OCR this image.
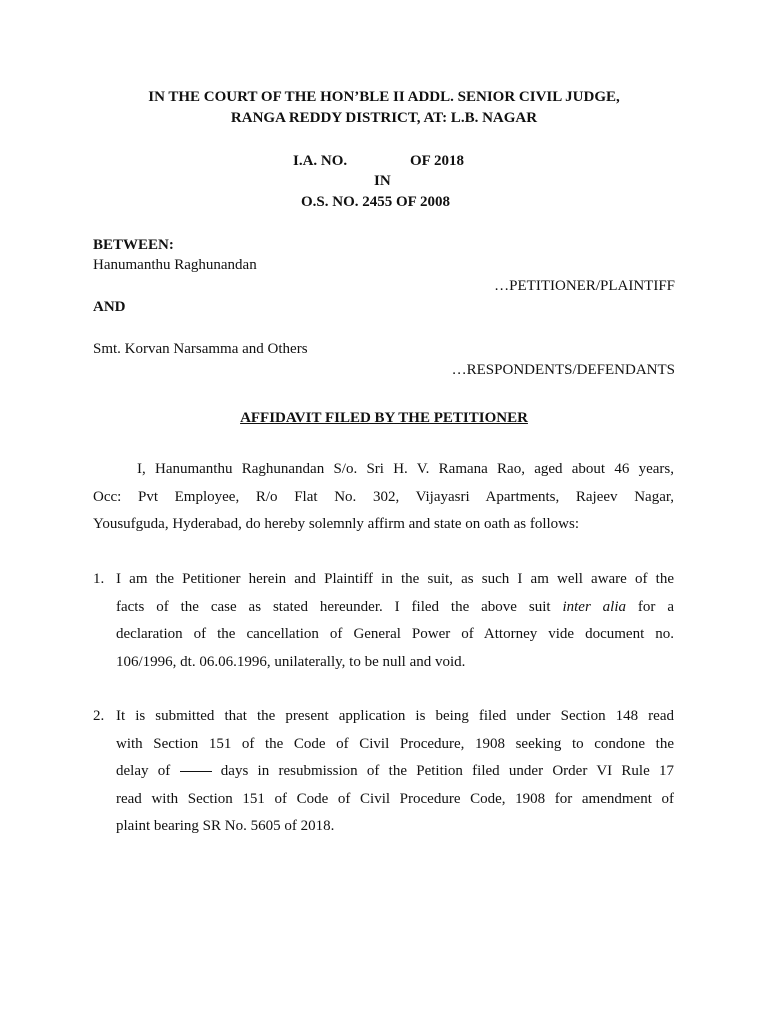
IN THE COURT OF THE HON’BLE II ADDL. SENIOR CIVIL JUDGE,
RANGA REDDY DISTRICT, AT: L.B. NAGAR
I.A. NO.	OF 2018
IN
O.S. NO. 2455 OF 2008
BETWEEN:
Hanumanthu Raghunandan
…PETITIONER/PLAINTIFF
AND
Smt. Korvan Narsamma and Others
…RESPONDENTS/DEFENDANTS
AFFIDAVIT FILED BY THE PETITIONER
I, Hanumanthu Raghunandan S/o. Sri H. V. Ramana Rao, aged about 46 years,
Occ: Pvt Employee, R/o Flat No. 302, Vijayasri Apartments, Rajeev Nagar,
Yousufguda, Hyderabad, do hereby solemnly affirm and state on oath as follows:
1. I am the Petitioner herein and Plaintiff in the suit, as such I am well aware of the
facts of the case as stated hereunder. I filed the above suit inter alia for a
declaration of the cancellation of General Power of Attorney vide document no.
106/1996, dt. 06.06.1996, unilaterally, to be null and void.
2. It is submitted that the present application is being filed under Section 148 read
with Section 151 of the Code of Civil Procedure, 1908 seeking to condone the
delay of	days in resubmission of the Petition filed under Order VI Rule 17
read with Section 151 of Code of Civil Procedure Code, 1908 for amendment of
plaint bearing SR No. 5605 of 2018.
